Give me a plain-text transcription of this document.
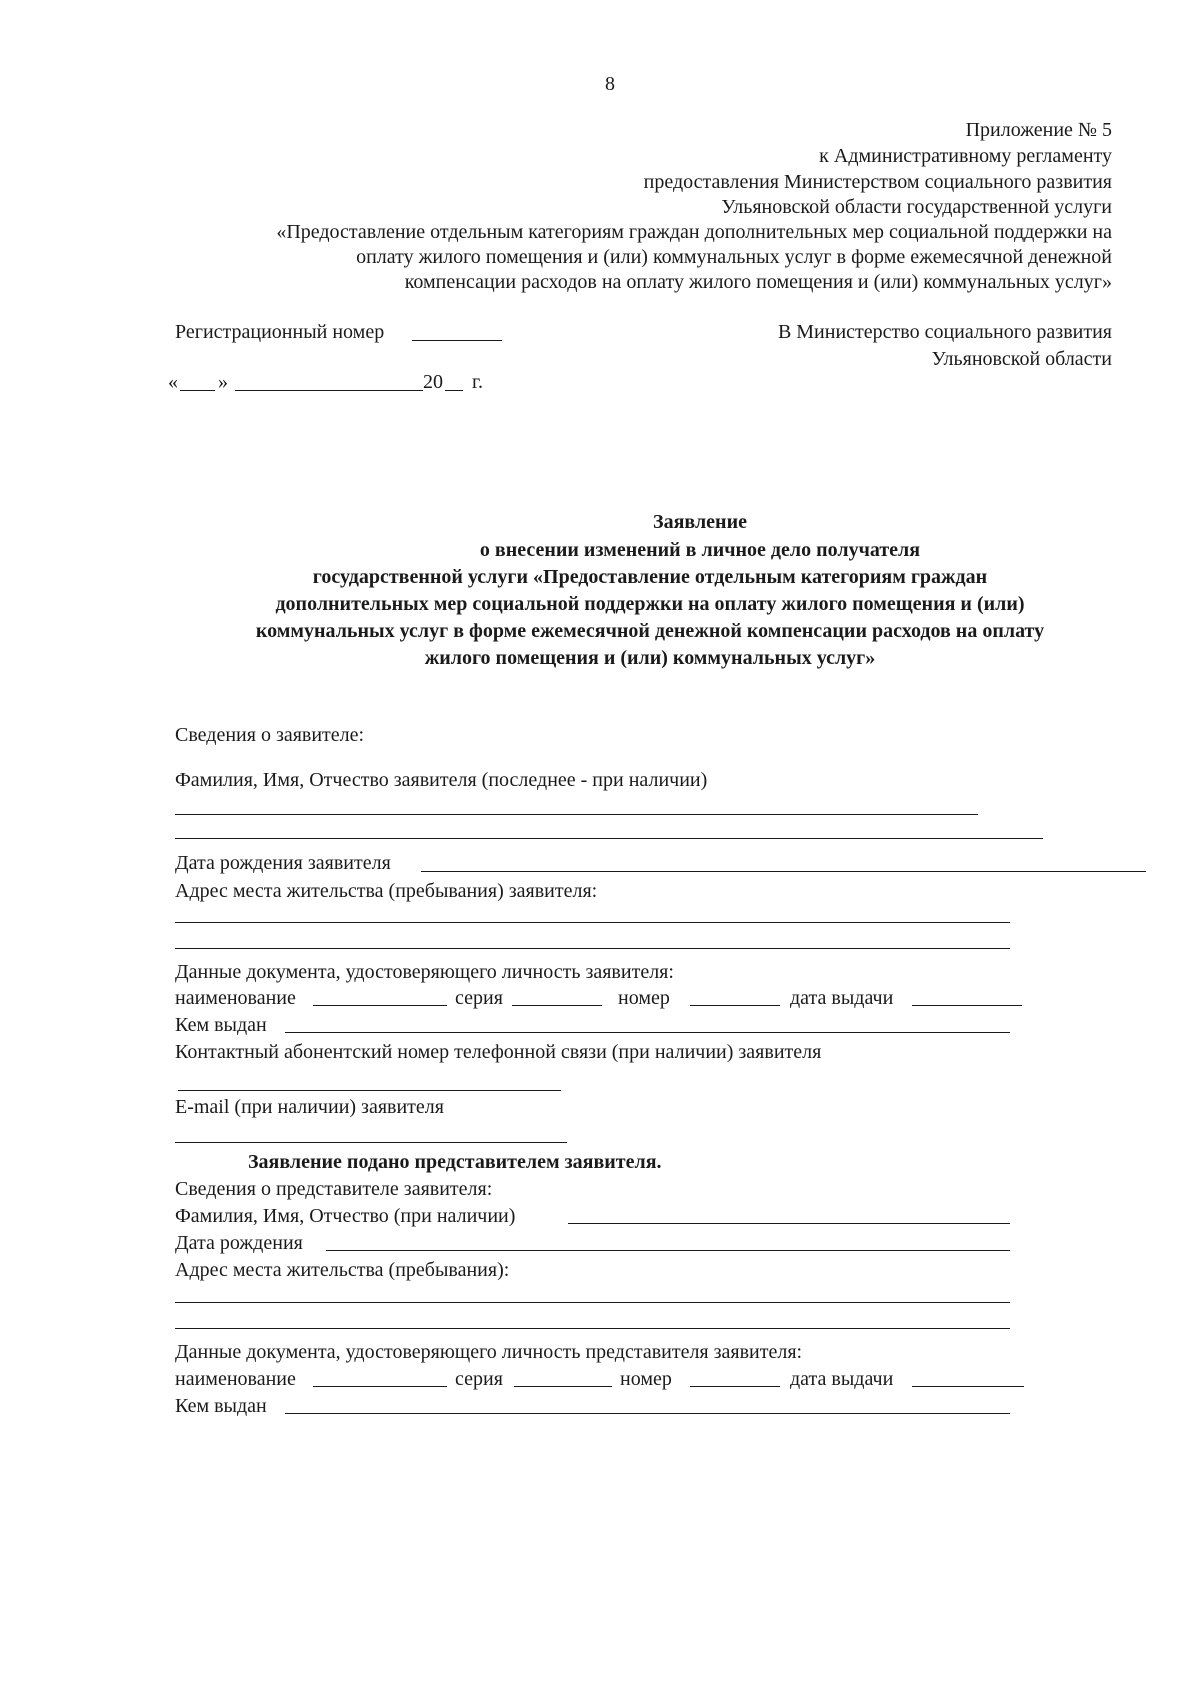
8
Приложение № 5
к Административному регламенту
предоставления Министерством социального развития
Ульяновской области государственной услуги
«Предоставление отдельным категориям граждан дополнительных мер социальной поддержки на
оплату жилого помещения и (или) коммунальных услуг в форме ежемесячной денежной
компенсации расходов на оплату жилого помещения и (или) коммунальных услуг»
Регистрационный номер
« »	20 г.
В Министерство социального развития
Ульяновской области
Заявление
о внесении изменений в личное дело получателя
государственной услуги «Предоставление отдельным категориям граждан
дополнительных мер социальной поддержки на оплату жилого помещения и (или)
коммунальных услуг в форме ежемесячной денежной компенсации расходов на оплату
жилого помещения и (или) коммунальных услуг»
Сведения о заявителе:
Фамилия, Имя, Отчество заявителя (последнее - при наличии)
Дата рождения заявителя
Адрес места жительства (пребывания) заявителя:
Данные документа, удостоверяющего личность заявителя:
наименование	серия	номер	дата выдачи
Кем выдан
Контактный абонентский номер телефонной связи (при наличии) заявителя
E-mail (при наличии) заявителя
Заявление подано представителем заявителя.
Сведения о представителе заявителя:
Фамилия, Имя, Отчество (при наличии)
Дата рождения
Адрес места жительства (пребывания):
Данные документа, удостоверяющего личность представителя заявителя:
наименование	серия	номер	дата выдачи
Кем выдан
